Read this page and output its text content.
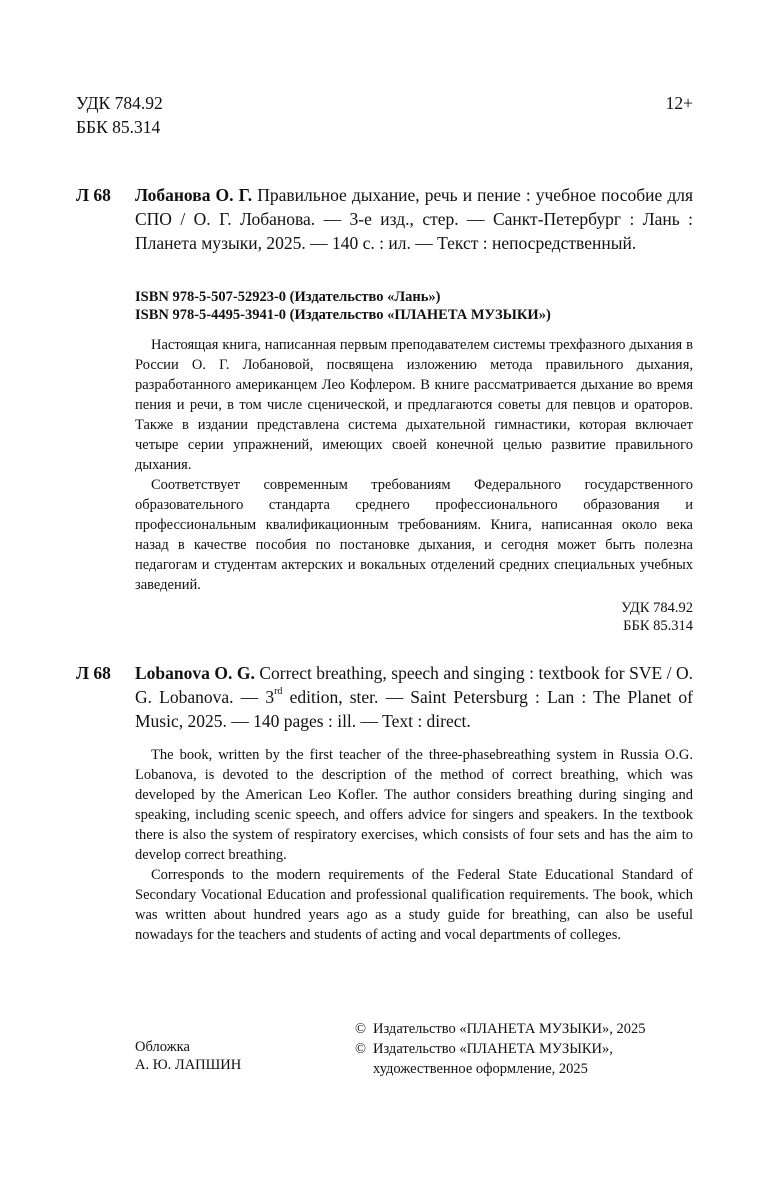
УДК 784.92
ББК 85.314
12+
Л 68 Лобанова О. Г. Правильное дыхание, речь и пение : учебное пособие для СПО / О. Г. Лобанова. — 3-е изд., стер. — Санкт-Петербург : Лань : Планета музыки, 2025. — 140 с. : ил. — Текст : непосредственный.
ISBN 978-5-507-52923-0 (Издательство «Лань»)
ISBN 978-5-4495-3941-0 (Издательство «ПЛАНЕТА МУЗЫКИ»)

Настоящая книга, написанная первым преподавателем системы трехфазного дыхания в России О. Г. Лобановой, посвящена изложению метода правильного дыхания, разработанного американцем Лео Кофлером. В книге рассматривается дыхание во время пения и речи, в том числе сценической, и предлагаются советы для певцов и ораторов. Также в издании представлена система дыхательной гимнастики, которая включает четыре серии упражнений, имеющих своей конечной целью развитие правильного дыхания.

Соответствует современным требованиям Федерального государственного образовательного стандарта среднего профессионального образования и профессиональным квалификационным требованиям. Книга, написанная около века назад в качестве пособия по постановке дыхания, и сегодня может быть полезна педагогам и студентам актерских и вокальных отделений средних специальных учебных заведений.

УДК 784.92
ББК 85.314
Л 68 Lobanova O. G. Correct breathing, speech and singing : textbook for SVE / O. G. Lobanova. — 3rd edition, ster. — Saint Petersburg : Lan : The Planet of Music, 2025. — 140 pages : ill. — Text : direct.

The book, written by the first teacher of the three-phasebreathing system in Russia O.G. Lobanova, is devoted to the description of the method of correct breathing, which was developed by the American Leo Kofler. The author considers breathing during singing and speaking, including scenic speech, and offers advice for singers and speakers. In the textbook there is also the system of respiratory exercises, which consists of four sets and has the aim to develop correct breathing.

Corresponds to the modern requirements of the Federal State Educational Standard of Secondary Vocational Education and professional qualification requirements. The book, which was written about hundred years ago as a study guide for breathing, can also be useful nowadays for the teachers and students of acting and vocal departments of colleges.

Обложка
А. Ю. ЛАПШИН
© Издательство «ПЛАНЕТА МУЗЫКИ», 2025
© Издательство «ПЛАНЕТА МУЗЫКИ»,
художественное оформление, 2025
